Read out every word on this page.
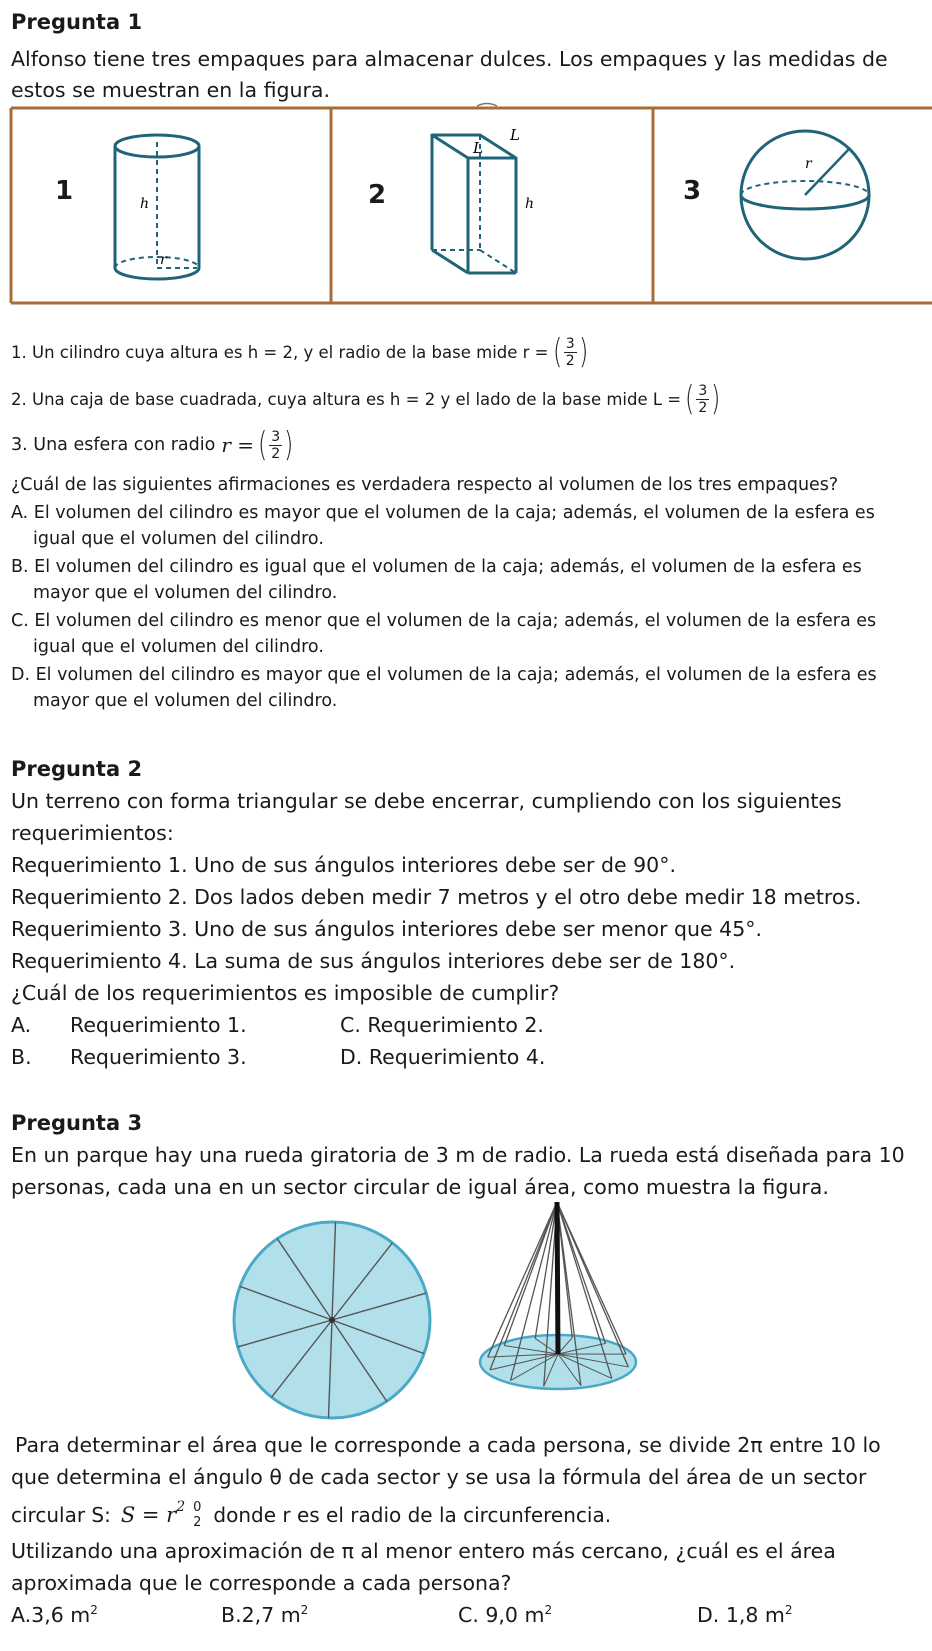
Pregunta 1
Alfonso tiene tres empaques para almacenar dulces. Los empaques y las medidas de
estos se muestran en la figura.
h
r
L
L
h
r
1	2	3
1. Un cilindro cuya altura es h = 2, y el radio de la base mide r = ( $\frac{3}{2}$ )
2. Una caja de base cuadrada, cuya altura es h = 2 y el lado de la base mide L = ( $\frac{3}{2}$ )
3. Una esfera con radio r = ( $\frac{3}{2}$ )
¿Cuál de las siguientes afirmaciones es verdadera respecto al volumen de los tres empaques?
A. El volumen del cilindro es mayor que el volumen de la caja; además, el volumen de la esfera es
igual que el volumen del cilindro.
B. El volumen del cilindro es igual que el volumen de la caja; además, el volumen de la esfera es
mayor que el volumen del cilindro.
C. El volumen del cilindro es menor que el volumen de la caja; además, el volumen de la esfera es
igual que el volumen del cilindro.
D. El volumen del cilindro es mayor que el volumen de la caja; además, el volumen de la esfera es
mayor que el volumen del cilindro.
Pregunta 2
Un terreno con forma triangular se debe encerrar, cumpliendo con los siguientes
requerimientos:
Requerimiento 1. Uno de sus ángulos interiores debe ser de 90°.
Requerimiento 2. Dos lados deben medir 7 metros y el otro debe medir 18 metros.
Requerimiento 3. Uno de sus ángulos interiores debe ser menor que 45°.
Requerimiento 4. La suma de sus ángulos interiores debe ser de 180°.
¿Cuál de los requerimientos es imposible de cumplir?
A. Requerimiento 1.	C. Requerimiento 2.
B. Requerimiento 3.	D. Requerimiento 4.
Pregunta 3
En un parque hay una rueda giratoria de 3 m de radio. La rueda está diseñada para 10
personas, cada una en un sector circular de igual área, como muestra la figura.
Para determinar el área que le corresponde a cada persona, se divide 2π entre 10 lo
que determina el ángulo θ de cada sector y se usa la fórmula del área de un sector
circular S: $S = r^2$ 0
2 donde r es el radio de la circunferencia.
Utilizando una aproximación de π al menor entero más cercano, ¿cuál es el área
aproximada que le corresponde a cada persona?
A.3,6 $m^2$	B.2,7 $m^2$	C. 9,0 $m^2$	D. 1,8 $m^2$
